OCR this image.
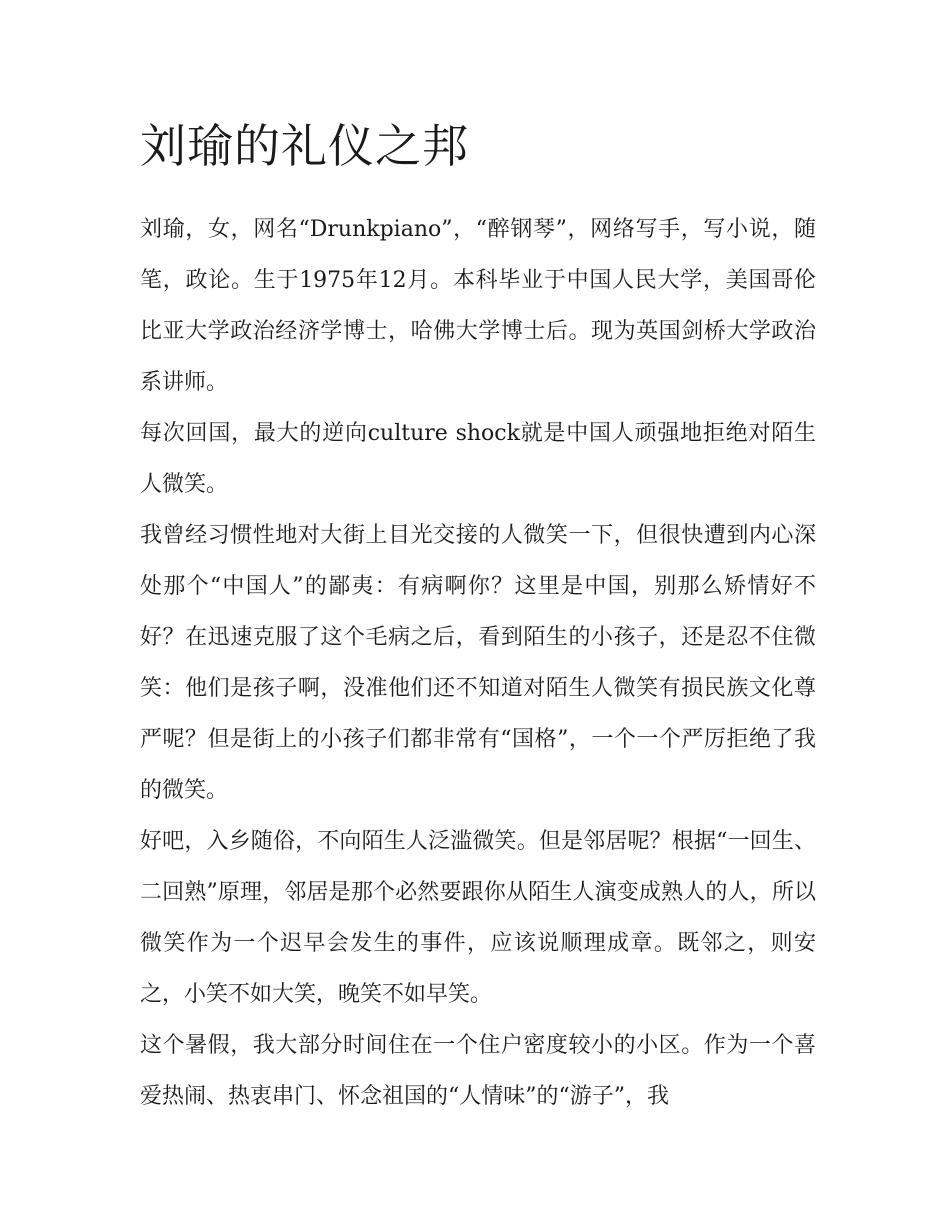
刘瑜的礼仪之邦

刘瑜，女，网名“Drunkpiano”，“醉钢琴”，网络写手，写小说，随笔，政论。生于1975年12月。本科毕业于中国人民大学，美国哥伦比亚大学政治经济学博士，哈佛大学博士后。现为英国剑桥大学政治系讲师。

每次回国，最大的逆向culture shock就是中国人顽强地拒绝对陌生人微笑。

我曾经习惯性地对大街上目光交接的人微笑一下，但很快遭到内心深处那个“中国人”的鄙夷：有病啊你？这里是中国，别那么矫情好不好？在迅速克服了这个毛病之后，看到陌生的小孩子，还是忍不住微笑：他们是孩子啊，没准他们还不知道对陌生人微笑有损民族文化尊严呢？但是街上的小孩子们都非常有“国格”，一个一个严厉拒绝了我的微笑。

好吧，入乡随俗，不向陌生人泛滥微笑。但是邻居呢？根据“一回生、二回熟”原理，邻居是那个必然要跟你从陌生人演变成熟人的人，所以微笑作为一个迟早会发生的事件，应该说顺理成章。既邻之，则安之，小笑不如大笑，晚笑不如早笑。

这个暑假，我大部分时间住在一个住户密度较小的小区。作为一个喜爱热闹、热衷串门、怀念祖国的“人情味”的“游子”，我
